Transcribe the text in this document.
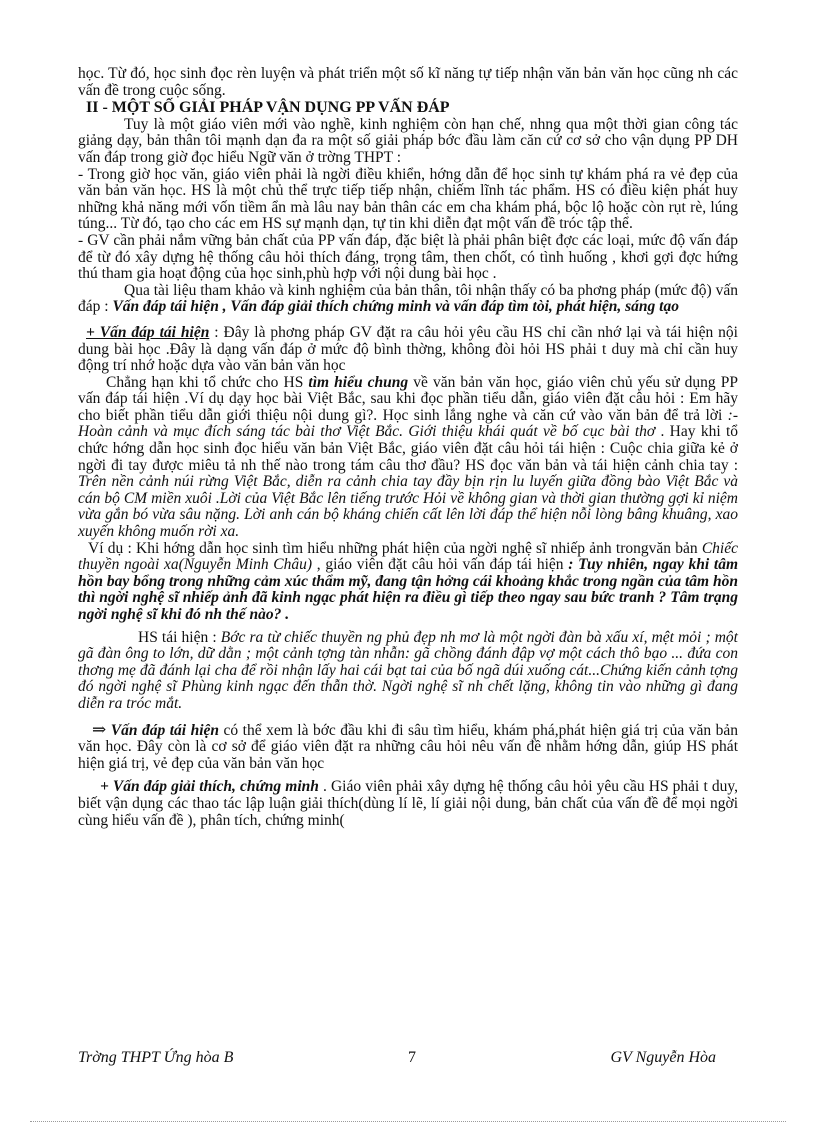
học. Từ đó, học sinh đọc rèn luyện và phát triển một số kĩ năng tự tiếp nhận văn bản văn học cũng nh các vấn đề trong cuộc sống.

II - MỘT SỐ GIẢI PHÁP VẬN DỤNG PP VẤN ĐÁP

Tuy là một giáo viên mới vào nghề, kinh nghiệm còn hạn chế, nhng qua một thời gian công tác giảng dạy, bản thân tôi mạnh dạn đa ra một số giải pháp bớc đầu làm căn cứ cơ sở cho vận dụng PP DH vấn đáp trong giờ đọc hiểu Ngữ văn ở trờng THPT :

- Trong giờ học văn, giáo viên phải là ngời điều khiển, hớng dẫn để học sinh tự khám phá ra vẻ đẹp của văn bản văn học. HS là một chủ thể trực tiếp tiếp nhận, chiếm lĩnh tác phẩm. HS có điều kiện phát huy những khả năng mới vốn tiềm ẩn mà lâu nay bản thân các em cha khám phá, bộc lộ hoặc còn rụt rè, lúng túng... Từ đó, tạo cho các em HS sự mạnh dạn, tự tin khi diễn đạt một vấn đề tróc tập thể.

- GV cần phải nắm vững bản chất của PP vấn đáp, đặc biệt là phải phân biệt đợc các loại, mức độ vấn đáp để từ đó xây dựng hệ thống câu hỏi thích đáng, trọng tâm, then chốt, có tình huống , khơi gợi đợc hứng thú tham gia hoạt động của học sinh,phù hợp với nội dung bài học .

Qua tài liệu tham khảo và kinh nghiệm của bản thân, tôi nhận thấy có ba phơng pháp (mức độ) vấn đáp : Vấn đáp tái hiện , Vấn đáp giải thích chứng minh và vấn đáp tìm tòi, phát hiện, sáng tạo

+ Vấn đáp tái hiện : Đây là phơng pháp GV đặt ra câu hỏi yêu cầu HS chỉ cần nhớ lại và tái hiện nội dung bài học .Đây là dạng vấn đáp ở mức độ bình thờng, không đòi hỏi HS phải t duy mà chỉ cần huy động trí nhớ hoặc dựa vào văn bản văn học

Chẳng hạn khi tổ chức cho HS tìm hiểu chung về văn bản văn học, giáo viên chủ yếu sử dụng PP vấn đáp tái hiện .Ví dụ dạy học bài Việt Bắc, sau khi đọc phần tiểu dẫn, giáo viên đặt câu hỏi : Em hãy cho biết phần tiểu dẫn giới thiệu nội dung gì?. Học sinh lắng nghe và căn cứ vào văn bản để trả lời :- Hoàn cảnh và mục đích sáng tác bài thơ Việt Bắc. Giới thiệu khái quát về bố cục bài thơ . Hay khi tổ chức hớng dẫn học sinh đọc hiểu văn bản Việt Bắc, giáo viên đặt câu hỏi tái hiện : Cuộc chia giữa kẻ ở ngời đi tay được miêu tả nh thế nào trong tám câu thơ đầu? HS đọc văn bản và tái hiện cảnh chia tay : Trên nền cảnh núi rừng Việt Bắc, diễn ra cảnh chia tay đầy bịn rịn lu luyến giữa đồng bào Việt Bắc và cán bộ CM miền xuôi .Lời của Việt Bắc lên tiếng trước Hỏi về không gian và thời gian thường gợi kỉ niệm vừa gắn bó vừa sâu nặng. Lời anh cán bộ kháng chiến cất lên lời đáp thể hiện nỗi lòng bâng khuâng, xao xuyến không muốn rời xa.

Ví dụ : Khi hớng dẫn học sinh tìm hiểu những phát hiện của ngời nghệ sĩ nhiếp ảnh trongvăn bản Chiếc thuyền ngoài xa(Nguyễn Minh Châu) , giáo viên đặt câu hỏi vấn đáp tái hiện : Tuy nhiên, ngay khi tâm hồn bay bổng trong những cảm xúc thẩm mỹ, đang tận hởng cái khoảng khắc trong ngần của tâm hồn thì ngời nghệ sĩ nhiếp ảnh đã kinh ngạc phát hiện ra điều gì tiếp theo ngay sau bức tranh ? Tâm trạng ngời nghệ sĩ khi đó nh thế nào? .

HS tái hiện : Bớc ra từ chiếc thuyền ng phủ đẹp nh mơ là một ngời đàn bà xấu xí, mệt mỏi ; một gã đàn ông to lớn, dữ dằn ; một cảnh tợng tàn nhẫn: gã chồng đánh đập vợ một cách thô bạo ... đứa con thơng mẹ đã đánh lại cha để rồi nhận lấy hai cái bạt tai của bố ngã dúi xuống cát...Chứng kiến cảnh tợng đó ngời nghệ sĩ Phùng kinh ngạc đến thẫn thờ. Ngời nghệ sĩ nh chết lặng, không tin vào những gì đang diễn ra tróc mắt.

⇒ Vấn đáp tái hiện có thể xem là bớc đầu khi đi sâu tìm hiểu, khám phá,phát hiện giá trị của văn bản văn học. Đây còn là cơ sở để giáo viên đặt ra những câu hỏi nêu vấn đề nhằm hớng dẫn, giúp HS phát hiện giá trị, vẻ đẹp của văn bản văn học

+ Vấn đáp giải thích, chứng minh . Giáo viên phải xây dựng hệ thống câu hỏi yêu cầu HS phải t duy, biết vận dụng các thao tác lập luận giải thích(dùng lí lẽ, lí giải nội dung, bản chất của vấn đề để mọi ngời cùng hiểu vấn đề ), phân tích, chứng minh(

Trờng THPT Ứng hòa B	7	GV Nguyễn Hòa
